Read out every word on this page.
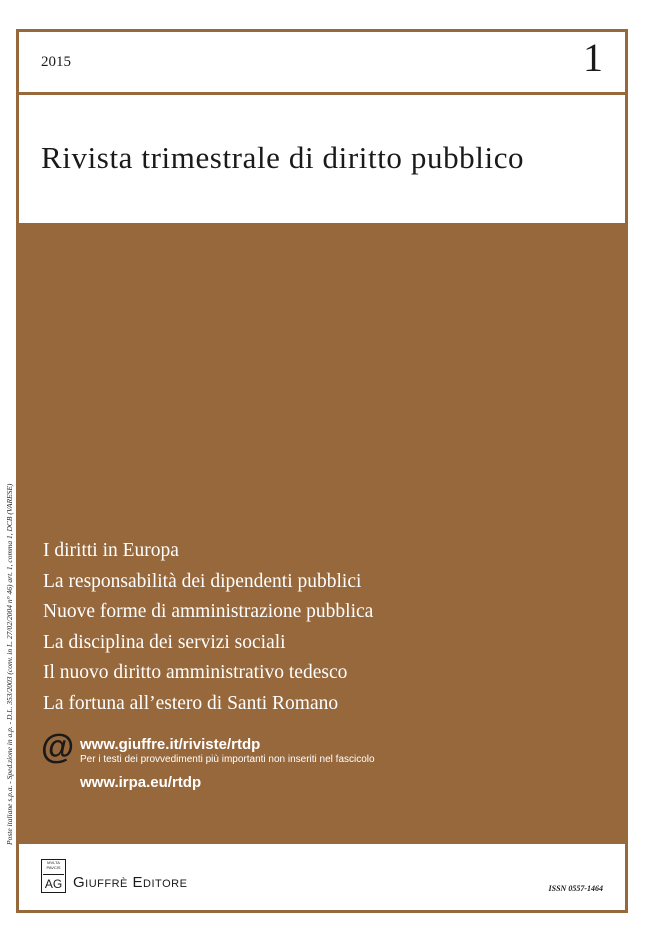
Poste italiane s.p.a. - Sped.zione in a.p. - D.L. 353/2003 (conv. in L. 27/02/2004 n° 46) art. 1, comma 1, DCB (VARESE)
2015	1
Rivista trimestrale di diritto pubblico
I diritti in Europa
La responsabilità dei dipendenti pubblici
Nuove forme di amministrazione pubblica
La disciplina dei servizi sociali
Il nuovo diritto amministrativo tedesco
La fortuna all’estero di Santi Romano
@ www.giuffre.it/riviste/rtdp
Per i testi dei provvedimenti più importanti non inseriti nel fascicolo
www.irpa.eu/rtdp
MVLTA PAVCIS
AG Giuffrè Editore	ISSN 0557-1464
